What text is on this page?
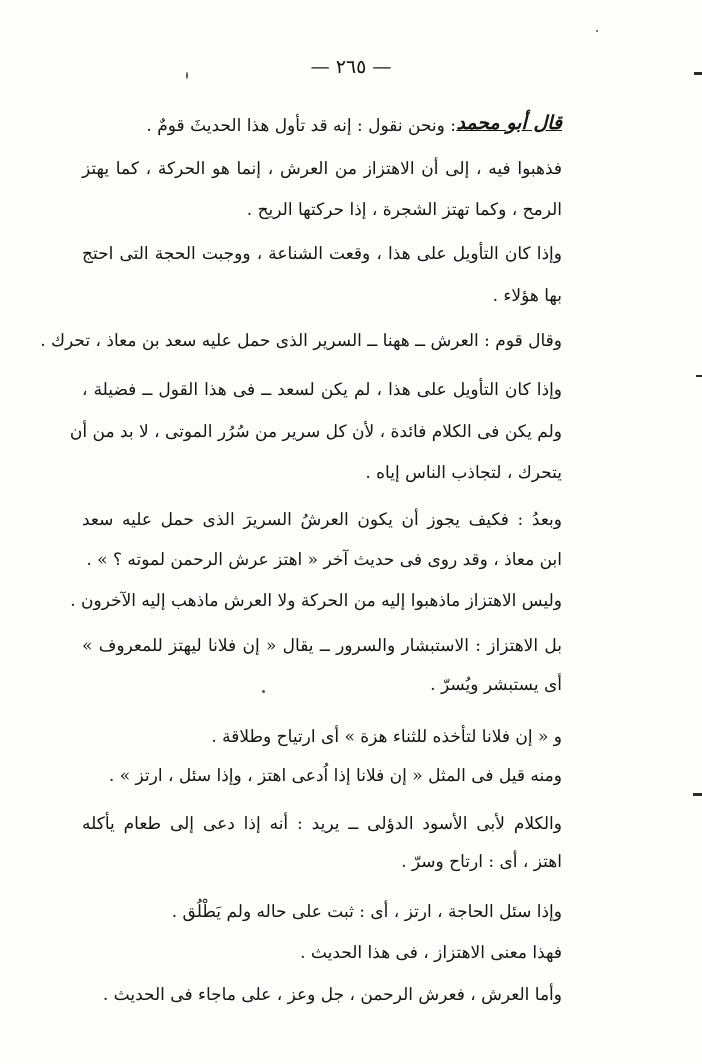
— ٢٦٥ —
قال أبو محمد
: ونحن نقول : إنه قد تأول هذا الحديثَ قومٌ .
فذهبوا فيه ، إلى أن الاهتزاز من العرش ، إنما هو الحركة ، كما يهتز
الرمح ، وكما تهتز الشجرة ، إذا حركتها الريح .
وإذا كان التأويل على هذا ، وقعت الشناعة ، ووجبت الحجة التى احتج
بها هؤلاء .
وقال قوم : العرش ــ ههنا ــ السرير الذى حمل عليه سعد بن معاذ ، تحرك .
وإذا كان التأويل على هذا ، لم يكن لسعد ــ فى هذا القول ــ فضيلة ،
ولم يكن فى الكلام فائدة ، لأن كل سرير من سُرُر الموتى ، لا بد من أن
يتحرك ، لتجاذب الناس إياه .
وبعدُ : فكيف يجوز أن يكون العرشُ السريرَ الذى حمل عليه سعد
ابن معاذ ، وقد روى فى حديث آخر « اهتز عرش الرحمن لموته ؟ » .
وليس الاهتزاز ماذهبوا إليه من الحركة ولا العرش ماذهب إليه الآخرون .
بل الاهتزاز : الاستبشار والسرور ــ يقال « إن فلانا ليهتز للمعروف »
أى يستبشر ويُسرّ .
و « إن فلانا لتأخذه للثناء هزة » أى ارتياح وطلاقة .
ومنه قيل فى المثل « إن فلانا إذا اُدعى اهتز ، وإذا سئل ، ارتز » .
والكلام لأبى الأسود الدؤلى ــ يريد : أنه إذا دعى إلى طعام يأكله
اهتز ، أى : ارتاح وسرّ .
وإذا سئل الحاجة ، ارتز ، أى : ثبت على حاله ولم يَطْلُق .
فهذا معنى الاهتزاز ، فى هذا الحديث .
وأما العرش ، فعرش الرحمن ، جل وعز ، على ماجاء فى الحديث .
